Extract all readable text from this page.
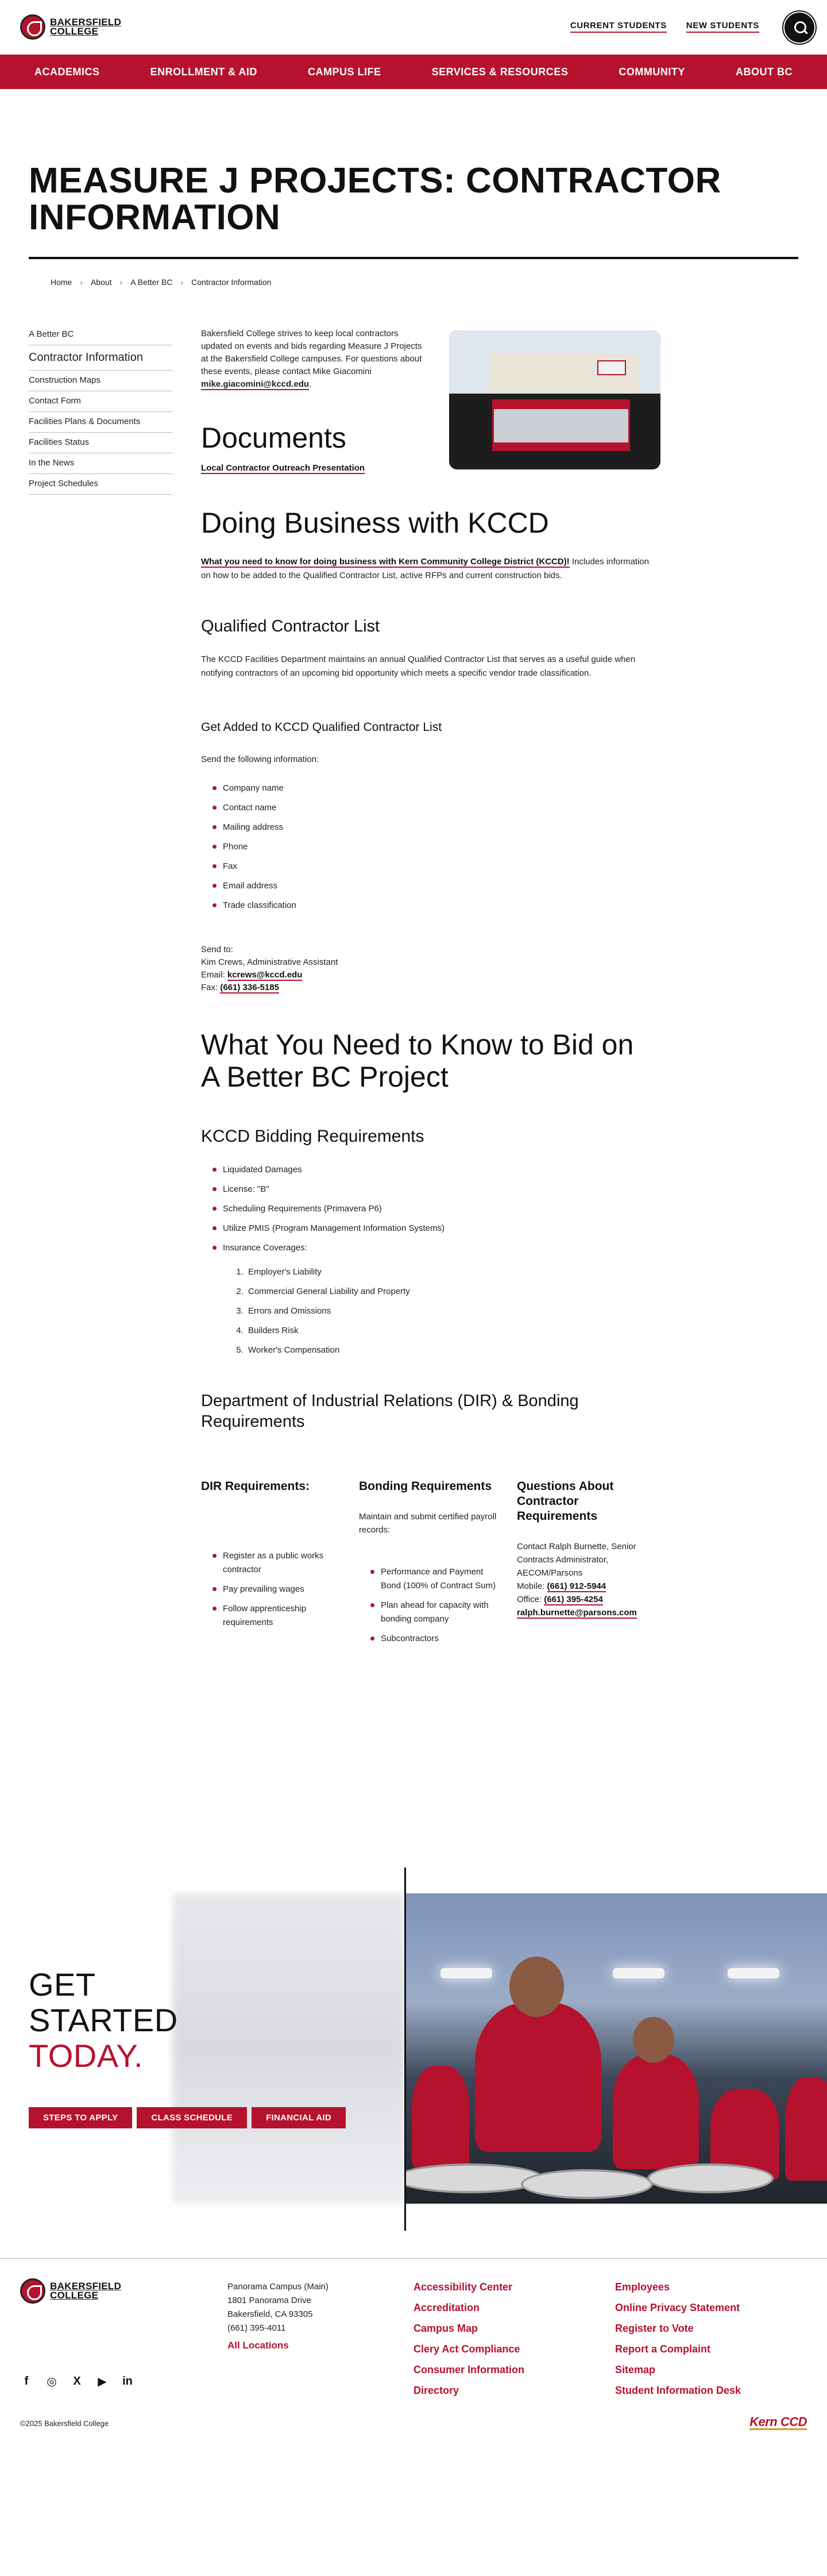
BAKERSFIELD COLLEGE
CURRENT STUDENTS NEW STUDENTS
ACADEMICS	ENROLLMENT & AID	CAMPUS LIFE	SERVICES & RESOURCES	COMMUNITY	ABOUT BC
MEASURE J PROJECTS: CONTRACTOR INFORMATION
Home › About › A Better BC › Contractor Information
A Better BC
Contractor Information
Construction Maps
Contact Form
Facilities Plans & Documents
Facilities Status
In the News
Project Schedules

Bakersfield College strives to keep local contractors updated on events and bids regarding Measure J Projects at the Bakersfield College campuses. For questions about these events, please contact Mike Giacomini mike.giacomini@kccd.edu.

Documents
Local Contractor Outreach Presentation
Doing Business with KCCD

What you need to know for doing business with Kern Community College District (KCCD)! Includes information on how to be added to the Qualified Contractor List, active RFPs and current construction bids.

Qualified Contractor List

The KCCD Facilities Department maintains an annual Qualified Contractor List that serves as a useful guide when notifying contractors of an upcoming bid opportunity which meets a specific vendor trade classification.

Get Added to KCCD Qualified Contractor List

Send the following information:

Company name
Contact name
Mailing address
Phone
Fax
Email address
Trade classification
Send to:
Kim Crews, Administrative Assistant
Email: kcrews@kccd.edu
Fax: (661) 336-5185
What You Need to Know to Bid on A Better BC Project
KCCD Bidding Requirements
Liquidated Damages
License: "B"
Scheduling Requirements (Primavera P6)
Utilize PMIS (Program Management Information Systems)
Insurance Coverages:
1. Employer's Liability
2. Commercial General Liability and Property
3. Errors and Omissions
4. Builders Risk
5. Worker's Compensation
Department of Industrial Relations (DIR) & Bonding Requirements
DIR Requirements:
Register as a public works contractor
Pay prevailing wages
Follow apprenticeship requirements
Bonding Requirements

Maintain and submit certified payroll records:

Performance and Payment Bond (100% of Contract Sum)
Plan ahead for capacity with bonding company
Subcontractors
Questions About Contractor Requirements

Contact Ralph Burnette, Senior Contracts Administrator, AECOM/Parsons

Mobile: (661) 912-5944

Office: (661) 395-4254

ralph.burnette@parsons.com

GET
STARTED
TODAY.
STEPS TO APPLY	CLASS SCHEDULE	FINANCIAL AID
BAKERSFIELD COLLEGE
f	◎ X ▶ in
Panorama Campus (Main)
1801 Panorama Drive
Bakersfield, CA 93305
(661) 395-4011
All Locations
Accessibility Center
Accreditation
Campus Map
Clery Act Compliance
Consumer Information
Directory
Employees
Online Privacy Statement
Register to Vote
Report a Complaint
Sitemap
Student Information Desk
©2025 Bakersfield College	Kern CCD
